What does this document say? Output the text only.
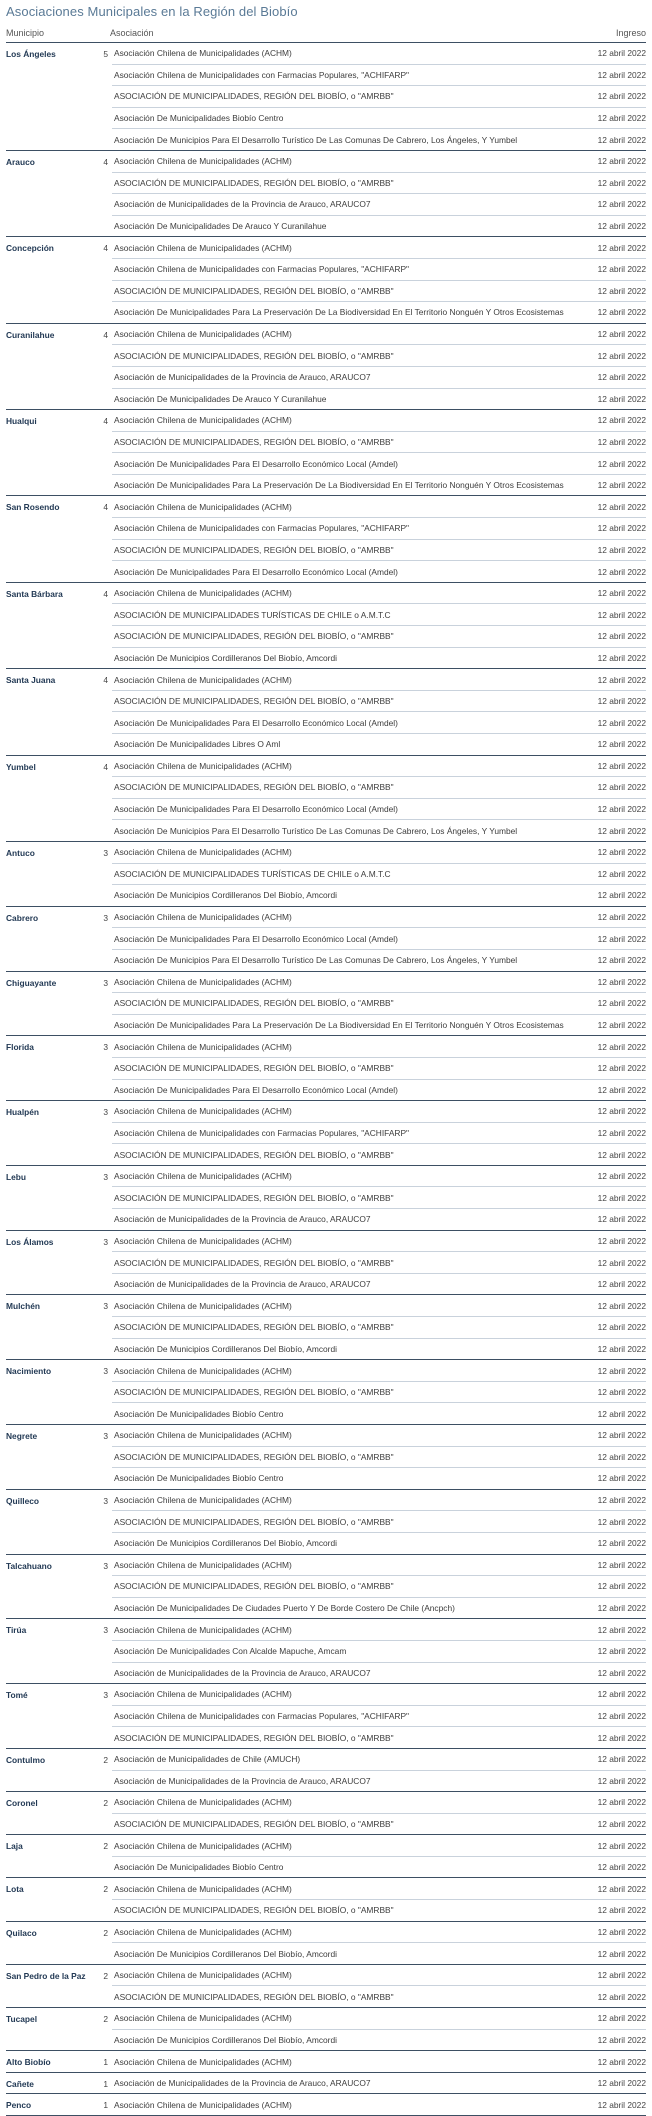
Asociaciones Municipales en la Región del Biobío
Municipio	Asociación	Ingreso
Los Ángeles	5 Asociación Chilena de Municipalidades (ACHM)	12 abril 2022
Asociación Chilena de Municipalidades con Farmacias Populares, "ACHIFARP"	12 abril 2022
ASOCIACIÓN DE MUNICIPALIDADES, REGIÓN DEL BIOBÍO, o "AMRBB"	12 abril 2022
Asociación De Municipalidades Biobío Centro	12 abril 2022
Asociación De Municipios Para El Desarrollo Turístico De Las Comunas De Cabrero, Los Ángeles, Y Yumbel	12 abril 2022
Arauco	4 Asociación Chilena de Municipalidades (ACHM)	12 abril 2022
ASOCIACIÓN DE MUNICIPALIDADES, REGIÓN DEL BIOBÍO, o "AMRBB"	12 abril 2022
Asociación de Municipalidades de la Provincia de Arauco, ARAUCO7	12 abril 2022
Asociación De Municipalidades De Arauco Y Curanilahue	12 abril 2022
Concepción	4 Asociación Chilena de Municipalidades (ACHM)	12 abril 2022
Asociación Chilena de Municipalidades con Farmacias Populares, "ACHIFARP"	12 abril 2022
ASOCIACIÓN DE MUNICIPALIDADES, REGIÓN DEL BIOBÍO, o "AMRBB"	12 abril 2022
Asociación De Municipalidades Para La Preservación De La Biodiversidad En El Territorio Nonguén Y Otros Ecosistemas	12 abril 2022
Curanilahue	4 Asociación Chilena de Municipalidades (ACHM)	12 abril 2022
ASOCIACIÓN DE MUNICIPALIDADES, REGIÓN DEL BIOBÍO, o "AMRBB"	12 abril 2022
Asociación de Municipalidades de la Provincia de Arauco, ARAUCO7	12 abril 2022
Asociación De Municipalidades De Arauco Y Curanilahue	12 abril 2022
Hualqui	4 Asociación Chilena de Municipalidades (ACHM)	12 abril 2022
ASOCIACIÓN DE MUNICIPALIDADES, REGIÓN DEL BIOBÍO, o "AMRBB"	12 abril 2022
Asociación De Municipalidades Para El Desarrollo Económico Local (Amdel)	12 abril 2022
Asociación De Municipalidades Para La Preservación De La Biodiversidad En El Territorio Nonguén Y Otros Ecosistemas	12 abril 2022
San Rosendo	4 Asociación Chilena de Municipalidades (ACHM)	12 abril 2022
Asociación Chilena de Municipalidades con Farmacias Populares, "ACHIFARP"	12 abril 2022
ASOCIACIÓN DE MUNICIPALIDADES, REGIÓN DEL BIOBÍO, o "AMRBB"	12 abril 2022
Asociación De Municipalidades Para El Desarrollo Económico Local (Amdel)	12 abril 2022
Santa Bárbara	4 Asociación Chilena de Municipalidades (ACHM)	12 abril 2022
ASOCIACIÓN DE MUNICIPALIDADES TURÍSTICAS DE CHILE o A.M.T.C	12 abril 2022
ASOCIACIÓN DE MUNICIPALIDADES, REGIÓN DEL BIOBÍO, o "AMRBB"	12 abril 2022
Asociación De Municipios Cordilleranos Del Biobío, Amcordi	12 abril 2022
Santa Juana	4 Asociación Chilena de Municipalidades (ACHM)	12 abril 2022
ASOCIACIÓN DE MUNICIPALIDADES, REGIÓN DEL BIOBÍO, o "AMRBB"	12 abril 2022
Asociación De Municipalidades Para El Desarrollo Económico Local (Amdel)	12 abril 2022
Asociación De Municipalidades Libres O Aml	12 abril 2022
Yumbel	4 Asociación Chilena de Municipalidades (ACHM)	12 abril 2022
ASOCIACIÓN DE MUNICIPALIDADES, REGIÓN DEL BIOBÍO, o "AMRBB"	12 abril 2022
Asociación De Municipalidades Para El Desarrollo Económico Local (Amdel)	12 abril 2022
Asociación De Municipios Para El Desarrollo Turístico De Las Comunas De Cabrero, Los Ángeles, Y Yumbel	12 abril 2022
Antuco	3 Asociación Chilena de Municipalidades (ACHM)	12 abril 2022
ASOCIACIÓN DE MUNICIPALIDADES TURÍSTICAS DE CHILE o A.M.T.C	12 abril 2022
Asociación De Municipios Cordilleranos Del Biobío, Amcordi	12 abril 2022
Cabrero	3 Asociación Chilena de Municipalidades (ACHM)	12 abril 2022
Asociación De Municipalidades Para El Desarrollo Económico Local (Amdel)	12 abril 2022
Asociación De Municipios Para El Desarrollo Turístico De Las Comunas De Cabrero, Los Ángeles, Y Yumbel	12 abril 2022
Chiguayante	3 Asociación Chilena de Municipalidades (ACHM)	12 abril 2022
ASOCIACIÓN DE MUNICIPALIDADES, REGIÓN DEL BIOBÍO, o "AMRBB"	12 abril 2022
Asociación De Municipalidades Para La Preservación De La Biodiversidad En El Territorio Nonguén Y Otros Ecosistemas	12 abril 2022
Florida	3 Asociación Chilena de Municipalidades (ACHM)	12 abril 2022
ASOCIACIÓN DE MUNICIPALIDADES, REGIÓN DEL BIOBÍO, o "AMRBB"	12 abril 2022
Asociación De Municipalidades Para El Desarrollo Económico Local (Amdel)	12 abril 2022
Hualpén	3 Asociación Chilena de Municipalidades (ACHM)	12 abril 2022
Asociación Chilena de Municipalidades con Farmacias Populares, "ACHIFARP"	12 abril 2022
ASOCIACIÓN DE MUNICIPALIDADES, REGIÓN DEL BIOBÍO, o "AMRBB"	12 abril 2022
Lebu	3 Asociación Chilena de Municipalidades (ACHM)	12 abril 2022
ASOCIACIÓN DE MUNICIPALIDADES, REGIÓN DEL BIOBÍO, o "AMRBB"	12 abril 2022
Asociación de Municipalidades de la Provincia de Arauco, ARAUCO7	12 abril 2022
Los Álamos	3 Asociación Chilena de Municipalidades (ACHM)	12 abril 2022
ASOCIACIÓN DE MUNICIPALIDADES, REGIÓN DEL BIOBÍO, o "AMRBB"	12 abril 2022
Asociación de Municipalidades de la Provincia de Arauco, ARAUCO7	12 abril 2022
Mulchén	3 Asociación Chilena de Municipalidades (ACHM)	12 abril 2022
ASOCIACIÓN DE MUNICIPALIDADES, REGIÓN DEL BIOBÍO, o "AMRBB"	12 abril 2022
Asociación De Municipios Cordilleranos Del Biobío, Amcordi	12 abril 2022
Nacimiento	3 Asociación Chilena de Municipalidades (ACHM)	12 abril 2022
ASOCIACIÓN DE MUNICIPALIDADES, REGIÓN DEL BIOBÍO, o "AMRBB"	12 abril 2022
Asociación De Municipalidades Biobío Centro	12 abril 2022
Negrete	3 Asociación Chilena de Municipalidades (ACHM)	12 abril 2022
ASOCIACIÓN DE MUNICIPALIDADES, REGIÓN DEL BIOBÍO, o "AMRBB"	12 abril 2022
Asociación De Municipalidades Biobío Centro	12 abril 2022
Quilleco	3 Asociación Chilena de Municipalidades (ACHM)	12 abril 2022
ASOCIACIÓN DE MUNICIPALIDADES, REGIÓN DEL BIOBÍO, o "AMRBB"	12 abril 2022
Asociación De Municipios Cordilleranos Del Biobío, Amcordi	12 abril 2022
Talcahuano	3 Asociación Chilena de Municipalidades (ACHM)	12 abril 2022
ASOCIACIÓN DE MUNICIPALIDADES, REGIÓN DEL BIOBÍO, o "AMRBB"	12 abril 2022
Asociación De Municipalidades De Ciudades Puerto Y De Borde Costero De Chile (Ancpch)	12 abril 2022
Tirúa	3 Asociación Chilena de Municipalidades (ACHM)	12 abril 2022
Asociación De Municipalidades Con Alcalde Mapuche, Amcam	12 abril 2022
Asociación de Municipalidades de la Provincia de Arauco, ARAUCO7	12 abril 2022
Tomé	3 Asociación Chilena de Municipalidades (ACHM)	12 abril 2022
Asociación Chilena de Municipalidades con Farmacias Populares, "ACHIFARP"	12 abril 2022
ASOCIACIÓN DE MUNICIPALIDADES, REGIÓN DEL BIOBÍO, o "AMRBB"	12 abril 2022
Contulmo	2 Asociación de Municipalidades de Chile (AMUCH)	12 abril 2022
Asociación de Municipalidades de la Provincia de Arauco, ARAUCO7	12 abril 2022
Coronel	2 Asociación Chilena de Municipalidades (ACHM)	12 abril 2022
ASOCIACIÓN DE MUNICIPALIDADES, REGIÓN DEL BIOBÍO, o "AMRBB"	12 abril 2022
Laja	2 Asociación Chilena de Municipalidades (ACHM)	12 abril 2022
Asociación De Municipalidades Biobío Centro	12 abril 2022
Lota	2 Asociación Chilena de Municipalidades (ACHM)	12 abril 2022
ASOCIACIÓN DE MUNICIPALIDADES, REGIÓN DEL BIOBÍO, o "AMRBB"	12 abril 2022
Quilaco	2 Asociación Chilena de Municipalidades (ACHM)	12 abril 2022
Asociación De Municipios Cordilleranos Del Biobío, Amcordi	12 abril 2022
San Pedro de la Paz	2 Asociación Chilena de Municipalidades (ACHM)	12 abril 2022
ASOCIACIÓN DE MUNICIPALIDADES, REGIÓN DEL BIOBÍO, o "AMRBB"	12 abril 2022
Tucapel	2 Asociación Chilena de Municipalidades (ACHM)	12 abril 2022
Asociación De Municipios Cordilleranos Del Biobío, Amcordi	12 abril 2022
Alto Biobío	1 Asociación Chilena de Municipalidades (ACHM)	12 abril 2022
Cañete	1 Asociación de Municipalidades de la Provincia de Arauco, ARAUCO7	12 abril 2022
Penco	1 Asociación Chilena de Municipalidades (ACHM)	12 abril 2022
